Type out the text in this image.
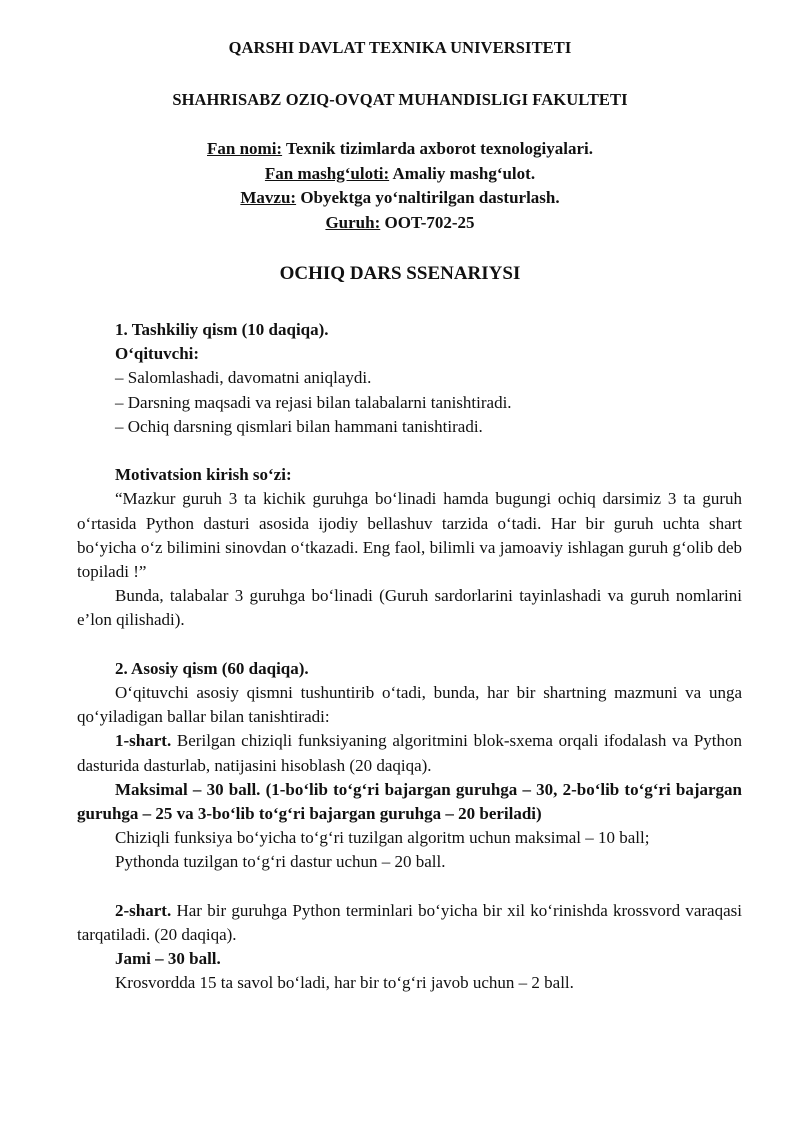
QARSHI DAVLAT TEXNIKA UNIVERSITETI
SHAHRISABZ OZIQ-OVQAT MUHANDISLIGI FAKULTETI
Fan nomi: Texnik tizimlarda axborot texnologiyalari.
Fan mashg‘uloti: Amaliy mashg‘ulot.
Mavzu: Obyektga yo‘naltirilgan dasturlash.
Guruh: OOT-702-25
OCHIQ DARS SSENARIYSI

1. Tashkiliy qism (10 daqiqa).

O‘qituvchi:

– Salomlashadi, davomatni aniqlaydi.

– Darsning maqsadi va rejasi bilan talabalarni tanishtiradi.

– Ochiq darsning qismlari bilan hammani tanishtiradi.

Motivatsion kirish so‘zi:

“Mazkur guruh 3 ta kichik guruhga bo‘linadi hamda bugungi ochiq darsimiz 3 ta guruh o‘rtasida Python dasturi asosida ijodiy bellashuv tarzida o‘tadi. Har bir guruh uchta shart bo‘yicha o‘z bilimini sinovdan o‘tkazadi. Eng faol, bilimli va jamoaviy ishlagan guruh g‘olib deb topiladi !”

Bunda, talabalar 3 guruhga bo‘linadi (Guruh sardorlarini tayinlashadi va guruh nomlarini e’lon qilishadi).

2. Asosiy qism (60 daqiqa).

O‘qituvchi asosiy qismni tushuntirib o‘tadi, bunda, har bir shartning mazmuni va unga qo‘yiladigan ballar bilan tanishtiradi:

1-shart. Berilgan chiziqli funksiyaning algoritmini blok-sxema orqali ifodalash va Python dasturida dasturlab, natijasini hisoblash (20 daqiqa).

Maksimal – 30 ball. (1-bo‘lib to‘g‘ri bajargan guruhga – 30, 2-bo‘lib to‘g‘ri bajargan guruhga – 25 va 3-bo‘lib to‘g‘ri bajargan guruhga – 20 beriladi)

Chiziqli funksiya bo‘yicha to‘g‘ri tuzilgan algoritm uchun maksimal – 10 ball;

Pythonda tuzilgan to‘g‘ri dastur uchun – 20 ball.

2-shart. Har bir guruhga Python terminlari bo‘yicha bir xil ko‘rinishda krossvord varaqasi tarqatiladi. (20 daqiqa).

Jami – 30 ball.

Krosvordda 15 ta savol bo‘ladi, har bir to‘g‘ri javob uchun – 2 ball.
